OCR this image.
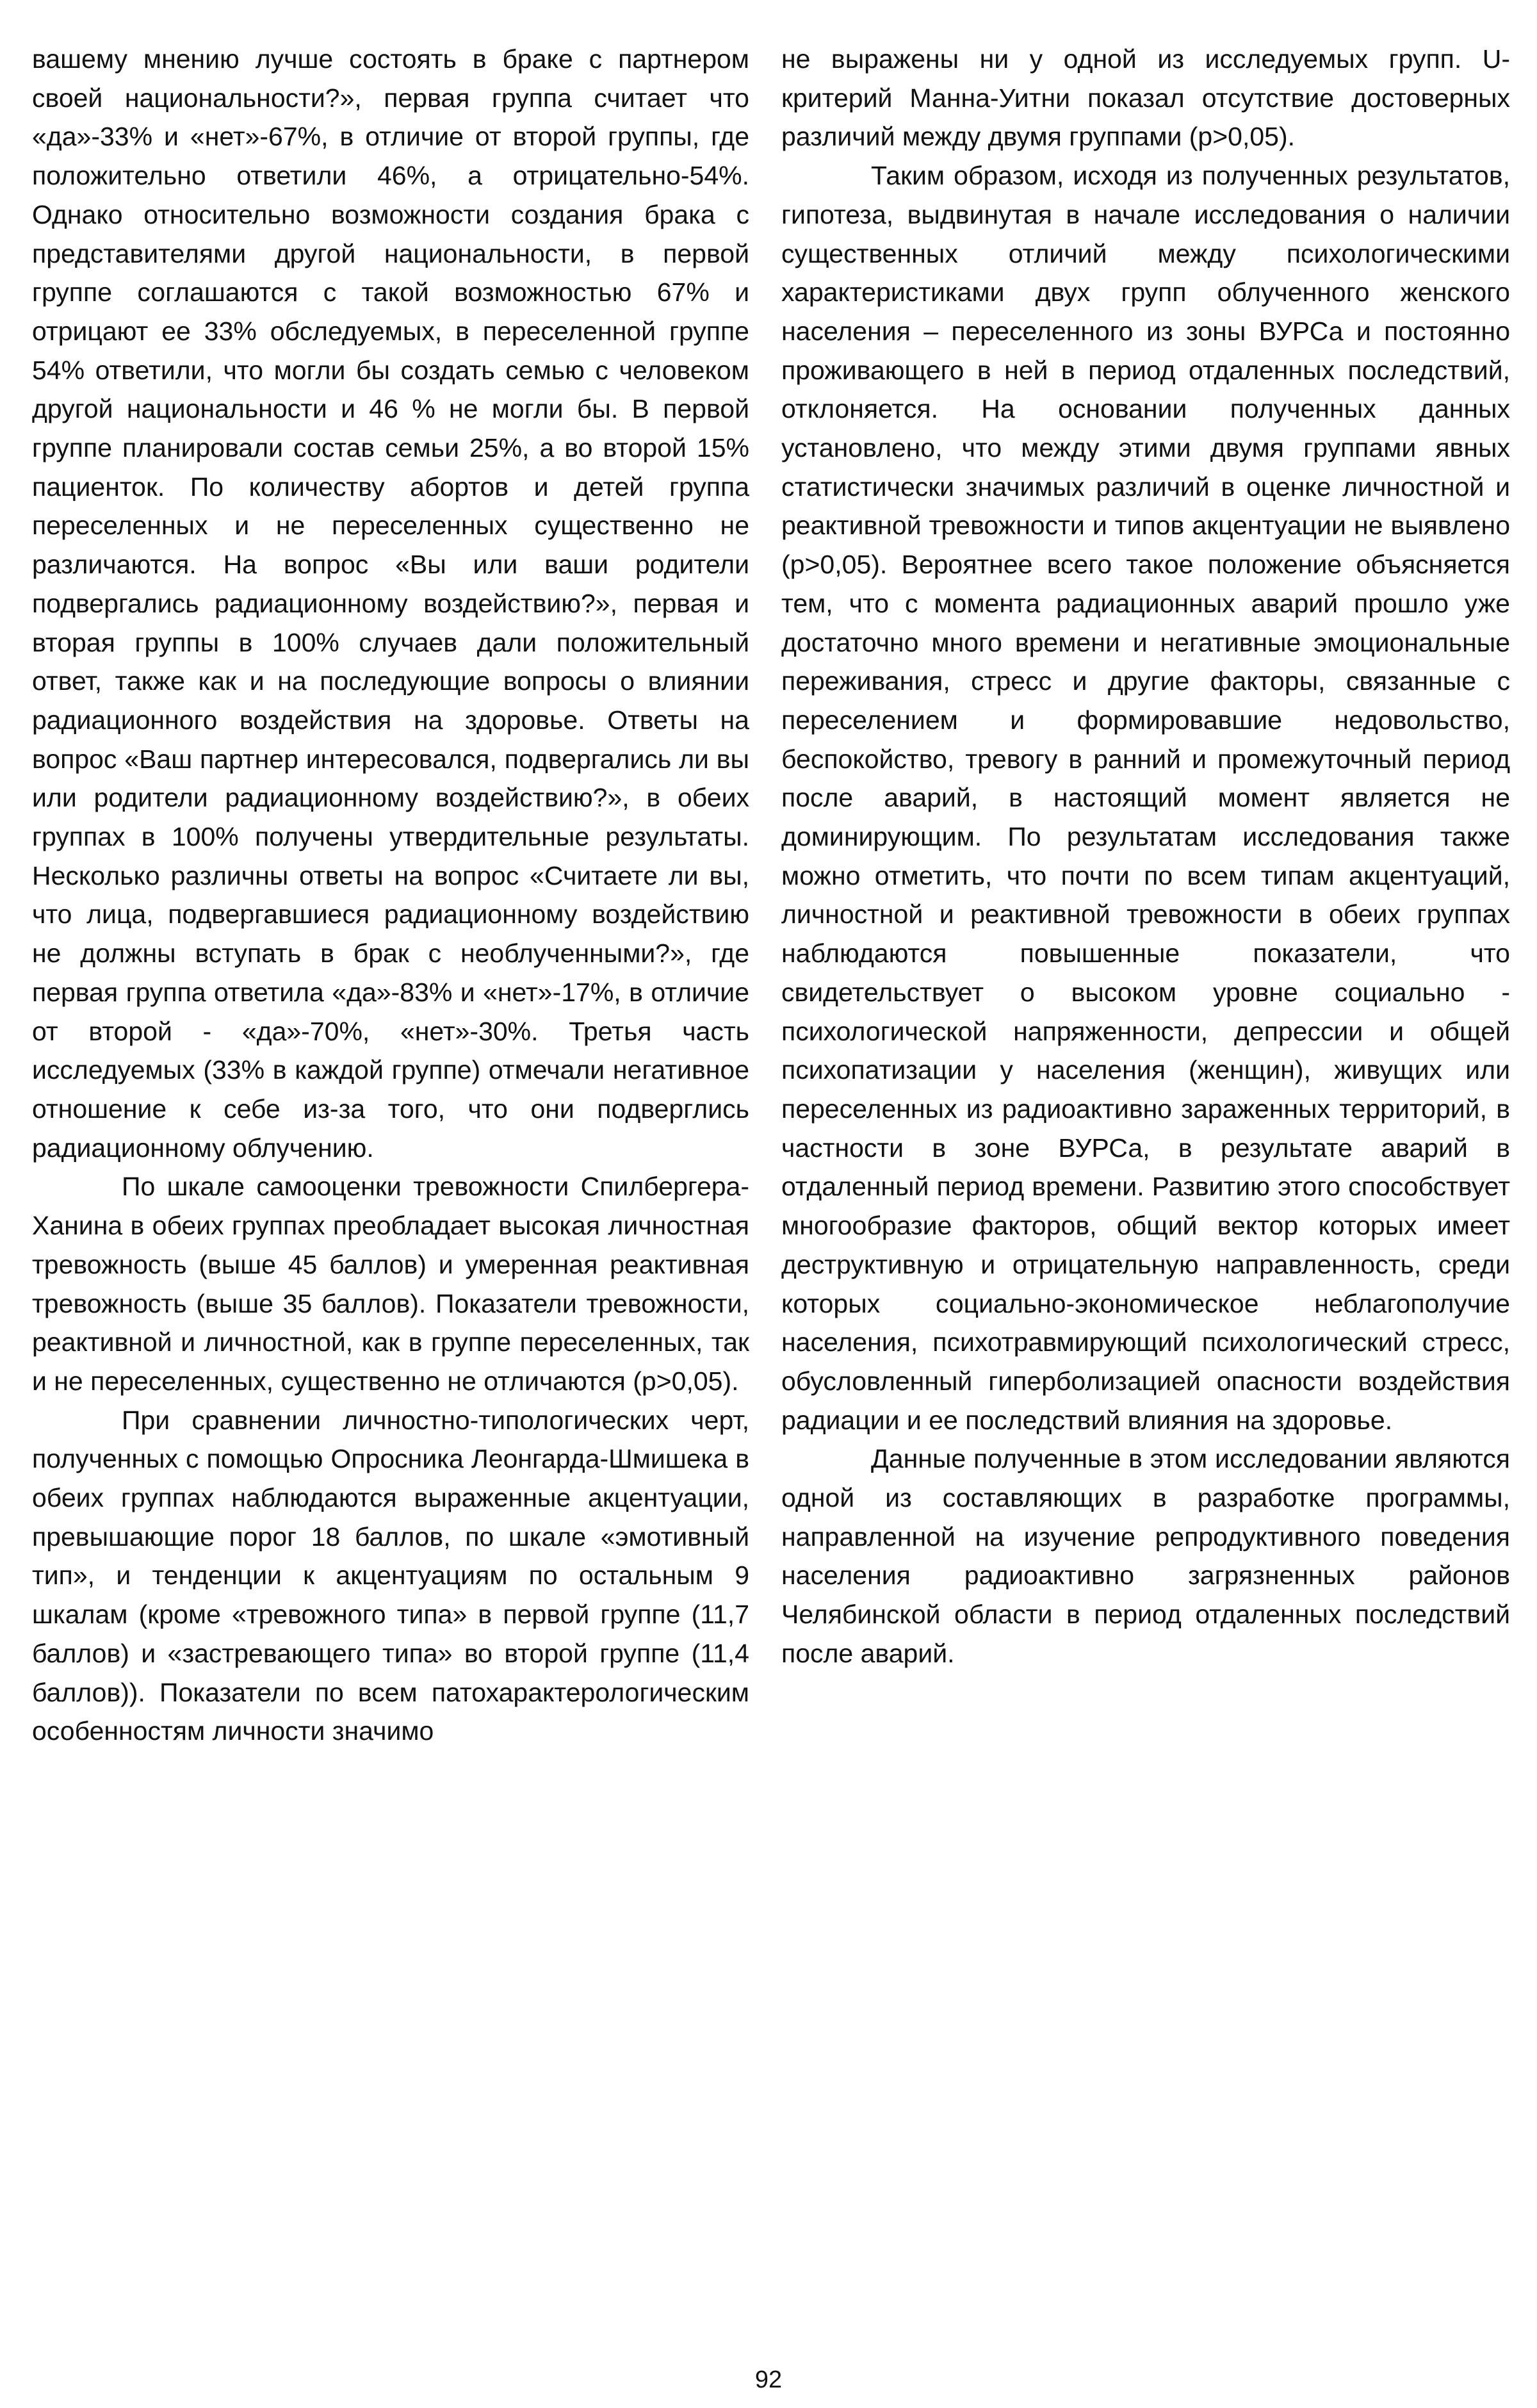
вашему мнению лучше состоять в браке с партнером своей национальности?», первая группа считает что «да»-33% и «нет»-67%, в отличие от второй группы, где положительно ответили 46%, а отрицательно-54%. Однако относительно возможности создания брака с представителями другой национальности, в первой группе соглашаются с такой возможностью 67% и отрицают ее 33% обследуемых, в переселенной группе 54% ответили, что могли бы создать семью с человеком другой национальности и 46 % не могли бы. В первой группе планировали состав семьи 25%, а во второй 15% пациенток. По количеству абортов и детей группа переселенных и не переселенных существенно не различаются. На вопрос «Вы или ваши родители подвергались радиационному воздействию?», первая и вторая группы в 100% случаев дали положительный ответ, также как и на последующие вопросы о влиянии радиационного воздействия на здоровье. Ответы на вопрос «Ваш партнер интересовался, подвергались ли вы или родители радиационному воздействию?», в обеих группах в 100% получены утвердительные результаты. Несколько различны ответы на вопрос «Считаете ли вы, что лица, подвергавшиеся радиационному воздействию не должны вступать в брак с необлученными?», где первая группа ответила «да»-83% и «нет»-17%, в отличие от второй - «да»-70%, «нет»-30%. Третья часть исследуемых (33% в каждой группе) отмечали негативное отношение к себе из-за того, что они подверглись радиационному облучению.

По шкале самооценки тревожности Спилбергера-Ханина в обеих группах преобладает высокая личностная тревожность (выше 45 баллов) и умеренная реактивная тревожность (выше 35 баллов). Показатели тревожности, реактивной и личностной, как в группе переселенных, так и не переселенных, существенно не отличаются (p>0,05).

При сравнении личностно-типологических черт, полученных с помощью Опросника Леонгарда-Шмишека в обеих группах наблюдаются выраженные акцентуации, превышающие порог 18 баллов, по шкале «эмотивный тип», и тенденции к акцентуациям по остальным 9 шкалам (кроме «тревожного типа» в первой группе (11,7 баллов) и «застревающего типа» во второй группе (11,4 баллов)). Показатели по всем патохарактерологическим особенностям личности значимо

не выражены ни у одной из исследуемых групп. U-критерий Манна-Уитни показал отсутствие достоверных различий между двумя группами (p>0,05).

Таким образом, исходя из полученных результатов, гипотеза, выдвинутая в начале исследования о наличии существенных отличий между психологическими характеристиками двух групп облученного женского населения – переселенного из зоны ВУРСа и постоянно проживающего в ней в период отдаленных последствий, отклоняется. На основании полученных данных установлено, что между этими двумя группами явных статистически значимых различий в оценке личностной и реактивной тревожности и типов акцентуации не выявлено (p>0,05). Вероятнее всего такое положение объясняется тем, что с момента радиационных аварий прошло уже достаточно много времени и негативные эмоциональные переживания, стресс и другие факторы, связанные с переселением и формировавшие недовольство, беспокойство, тревогу в ранний и промежуточный период после аварий, в настоящий момент является не доминирующим. По результатам исследования также можно отметить, что почти по всем типам акцентуаций, личностной и реактивной тревожности в обеих группах наблюдаются повышенные показатели, что свидетельствует о высоком уровне социально - психологической напряженности, депрессии и общей психопатизации у населения (женщин), живущих или переселенных из радиоактивно зараженных территорий, в частности в зоне ВУРСа, в результате аварий в отдаленный период времени. Развитию этого способствует многообразие факторов, общий вектор которых имеет деструктивную и отрицательную направленность, среди которых социально-экономическое неблагополучие населения, психотравмирующий психологический стресс, обусловленный гиперболизацией опасности воздействия радиации и ее последствий влияния на здоровье.

Данные полученные в этом исследовании являются одной из составляющих в разработке программы, направленной на изучение репродуктивного поведения населения радиоактивно загрязненных районов Челябинской области в период отдаленных последствий после аварий.

92
